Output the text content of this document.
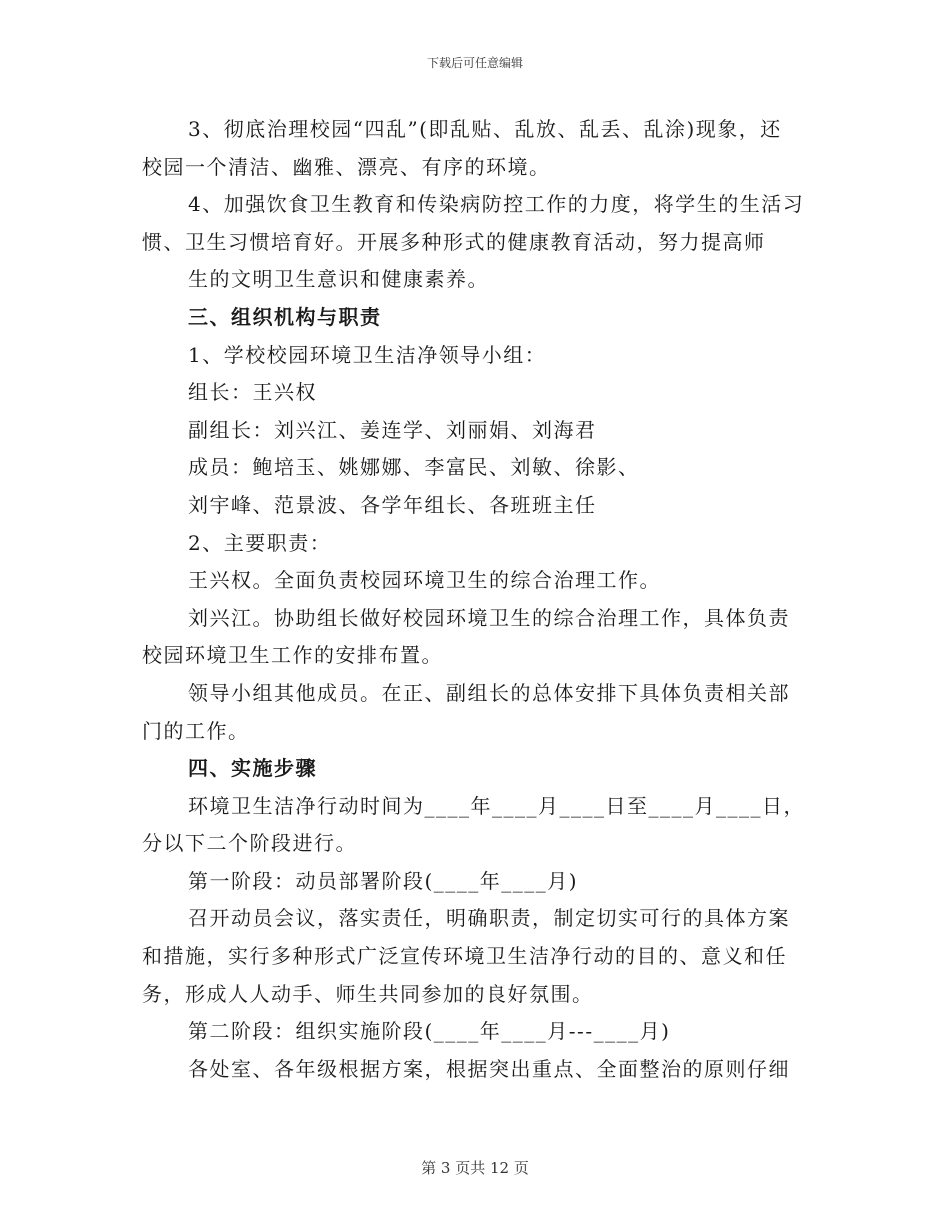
下载后可任意编辑

3、彻底治理校园“四乱”(即乱贴、乱放、乱丢、乱涂)现象，还

校园一个清洁、幽雅、漂亮、有序的环境。

4、加强饮食卫生教育和传染病防控工作的力度，将学生的生活习

惯、卫生习惯培育好。开展多种形式的健康教育活动，努力提高师

生的文明卫生意识和健康素养。

三、组织机构与职责

1、学校校园环境卫生洁净领导小组：

组长：王兴权

副组长：刘兴江、姜连学、刘丽娟、刘海君

成员：鲍培玉、姚娜娜、李富民、刘敏、徐影、

刘宇峰、范景波、各学年组长、各班班主任

2、主要职责：

王兴权。全面负责校园环境卫生的综合治理工作。

刘兴江。协助组长做好校园环境卫生的综合治理工作，具体负责

校园环境卫生工作的安排布置。

领导小组其他成员。在正、副组长的总体安排下具体负责相关部

门的工作。

四、实施步骤

环境卫生洁净行动时间为____年____月____日至____月____日，

分以下二个阶段进行。

第一阶段：动员部署阶段(____年____月)

召开动员会议，落实责任，明确职责，制定切实可行的具体方案

和措施，实行多种形式广泛宣传环境卫生洁净行动的目的、意义和任

务，形成人人动手、师生共同参加的良好氛围。

第二阶段：组织实施阶段(____年____月---____月)

各处室、各年级根据方案，根据突出重点、全面整治的原则仔细

第 3 页共 12 页
